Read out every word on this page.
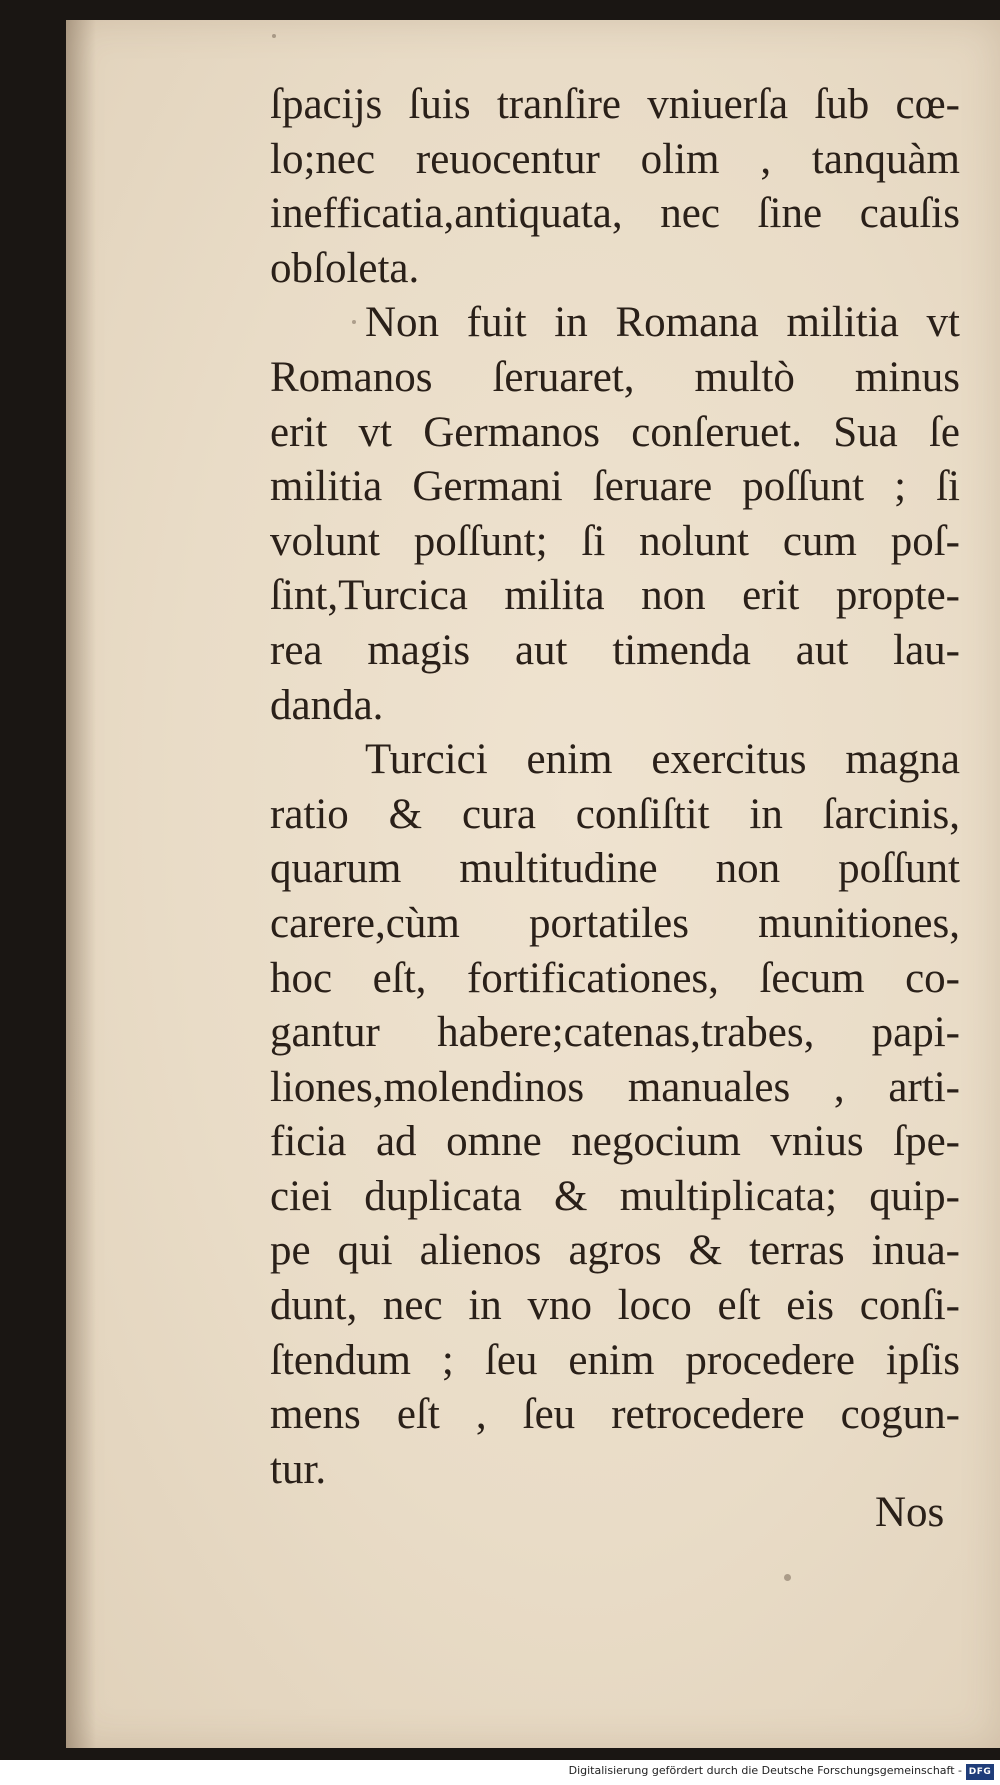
ſpacijs ſuis tranſire vniuerſa ſub cœ-
lo;nec reuocentur olim , tanquàm
inefficatia,antiquata, nec ſine cauſis
obſoleta.
Non fuit in Romana militia vt
Romanos ſeruaret, multò minus
erit vt Germanos conſeruet. Sua ſe
militia Germani ſeruare poſſunt ; ſi
volunt poſſunt; ſi nolunt cum poſ-
ſint,Turcica milita non erit propte-
rea magis aut timenda aut lau-
danda.
Turcici enim exercitus magna
ratio & cura conſiſtit in ſarcinis,
quarum multitudine non poſſunt
carere,cùm portatiles munitiones,
hoc eſt, fortificationes, ſecum co-
gantur habere;catenas,trabes, papi-
liones,molendinos manuales , arti-
ficia ad omne negocium vnius ſpe-
ciei duplicata & multiplicata; quip-
pe qui alienos agros & terras inua-
dunt, nec in vno loco eſt eis conſi-
ſtendum ; ſeu enim procedere ipſis
mens eſt , ſeu retrocedere cogun-
tur.
Nos
Digitalisierung gefördert durch die Deutsche Forschungsgemeinschaft - DFG
